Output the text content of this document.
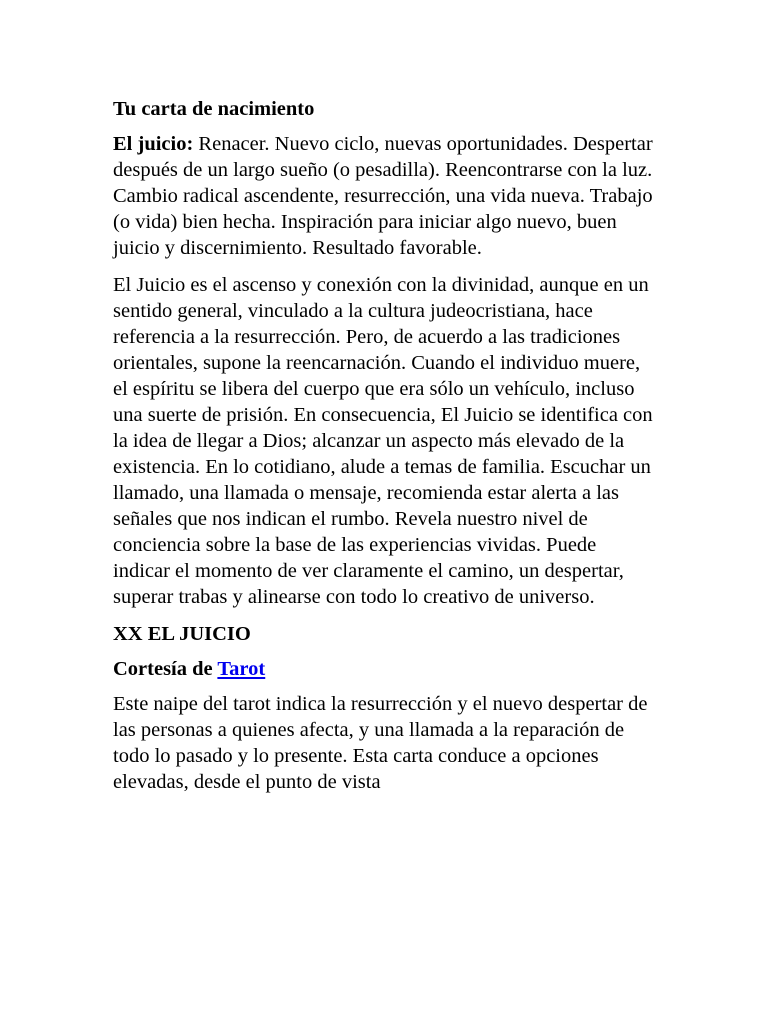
Tu carta de nacimiento

El juicio: Renacer. Nuevo ciclo, nuevas oportunidades. Despertar después de un largo sueño (o pesadilla). Reencontrarse con la luz. Cambio radical ascendente, resurrección, una vida nueva. Trabajo (o vida) bien hecha. Inspiración para iniciar algo nuevo, buen juicio y discernimiento. Resultado favorable.

El Juicio es el ascenso y conexión con la divinidad, aunque en un sentido general, vinculado a la cultura judeocristiana, hace referencia a la resurrección. Pero, de acuerdo a las tradiciones orientales, supone la reencarnación. Cuando el individuo muere, el espíritu se libera del cuerpo que era sólo un vehículo, incluso una suerte de prisión. En consecuencia, El Juicio se identifica con la idea de llegar a Dios; alcanzar un aspecto más elevado de la existencia. En lo cotidiano, alude a temas de familia. Escuchar un llamado, una llamada o mensaje, recomienda estar alerta a las señales que nos indican el rumbo. Revela nuestro nivel de conciencia sobre la base de las experiencias vividas. Puede indicar el momento de ver claramente el camino, un despertar, superar trabas y alinearse con todo lo creativo de universo.

XX EL JUICIO
Cortesía de Tarot

Este naipe del tarot indica la resurrección y el nuevo despertar de las personas a quienes afecta, y una llamada a la reparación de todo lo pasado y lo presente. Esta carta conduce a opciones elevadas, desde el punto de vista
